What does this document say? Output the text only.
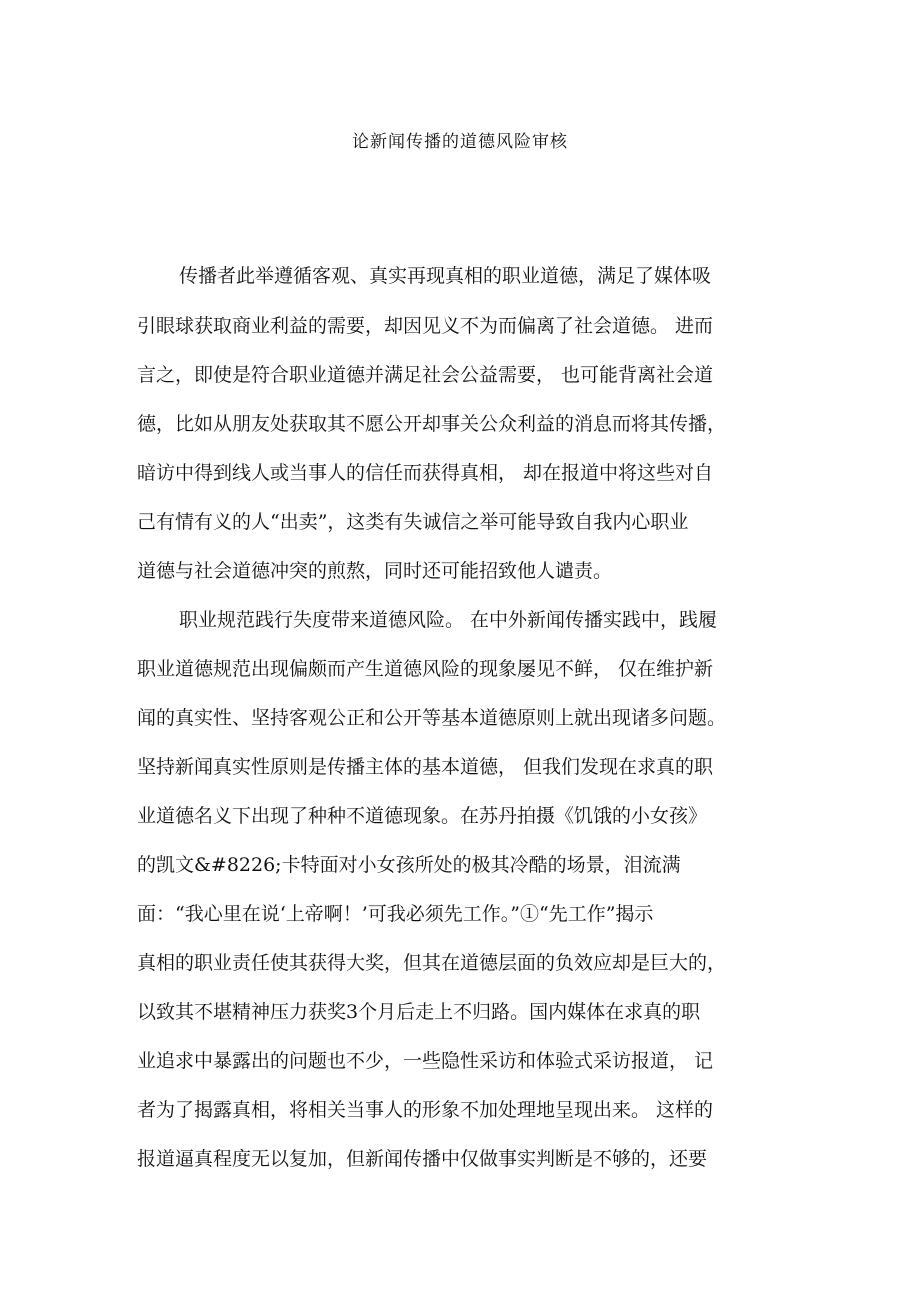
论新闻传播的道德风险审核
传播者此举遵循客观、真实再现真相的职业道德，满足了媒体吸
引眼球获取商业利益的需要，却因见义不为而偏离了社会道德。 进而
言之，即使是符合职业道德并满足社会公益需要， 也可能背离社会道
德，比如从朋友处获取其不愿公开却事关公众利益的消息而将其传播，
暗访中得到线人或当事人的信任而获得真相， 却在报道中将这些对自
己有情有义的人“出卖”，这类有失诚信之举可能导致自我内心职业
道德与社会道德冲突的煎熬，同时还可能招致他人谴责。
职业规范践行失度带来道德风险。 在中外新闻传播实践中，践履
职业道德规范出现偏颇而产生道德风险的现象屡见不鲜， 仅在维护新
闻的真实性、坚持客观公正和公开等基本道德原则上就出现诸多问题。
坚持新闻真实性原则是传播主体的基本道德， 但我们发现在求真的职
业道德名义下出现了种种不道德现象。在苏丹拍摄《饥饿的小女孩》
的凯文&#8226;卡特面对小女孩所处的极其冷酷的场景，泪流满
面：“我心里在说‘上帝啊！’可我必须先工作。”①“先工作”揭示
真相的职业责任使其获得大奖，但其在道德层面的负效应却是巨大的，
以致其不堪精神压力获奖3个月后走上不归路。国内媒体在求真的职
业追求中暴露出的问题也不少，一些隐性采访和体验式采访报道， 记
者为了揭露真相，将相关当事人的形象不加处理地呈现出来。 这样的
报道逼真程度无以复加，但新闻传播中仅做事实判断是不够的，还要
